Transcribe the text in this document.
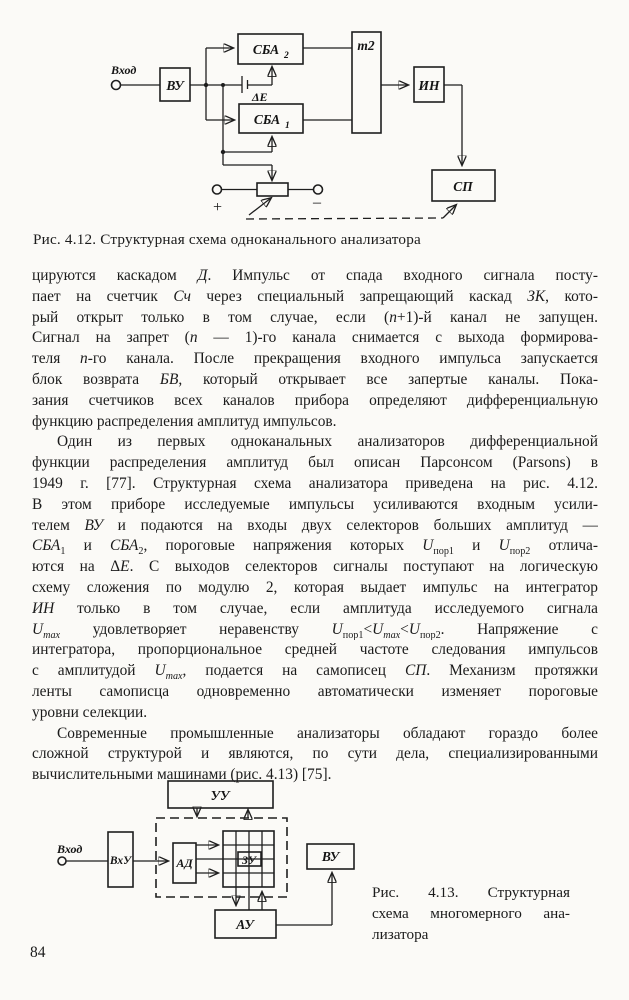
Вход
ВУ
СБА 2
СБА 1
ΔЕ
+	–
m2
ИН
СП
Рис. 4.12. Структурная схема одноканального анализатора
цируются каскадом Д. Импульс от спада входного сигнала посту-
пает на счетчик Сч через специальный запрещающий каскад ЗК, кото-
рый открыт только в том случае, если (n+1)-й канал не запущен.
Сигнал на запрет (n — 1)-го канала снимается с выхода формирова-
теля n-го канала. После прекращения входного импульса запускается
блок возврата БВ, который открывает все запертые каналы. Пока-
зания счетчиков всех каналов прибора определяют дифференциальную
функцию распределения амплитуд импульсов.
Один из первых одноканальных анализаторов дифференциальной
функции распределения амплитуд был описан Парсонсом (Parsons) в
1949 г. [77]. Структурная схема анализатора приведена на рис. 4.12.
В этом приборе исследуемые импульсы усиливаются входным усили-
телем ВУ и подаются на входы двух селекторов больших амплитуд —
$СБА_1$ и $СБА_2$, пороговые напряжения которых $U_{пор1}$ и $U_{пор2}$ отлича-
ются на ΔЕ. С выходов селекторов сигналы поступают на логическую
схему сложения по модулю 2, которая выдает импульс на интегратор
ИН только в том случае, если амплитуда исследуемого сигнала
$U_{max}$ удовлетворяет неравенству $U_{пор1}<U_{max}<U_{пор2}$. Напряжение с
интегратора, пропорциональное средней частоте следования импульсов
с амплитудой $U_{max}$, подается на самописец СП. Механизм протяжки
ленты самописца одновременно автоматически изменяет пороговые
уровни селекции.
Современные промышленные анализаторы обладают гораздо более
сложной структурой и являются, по сути дела, специализированными
вычислительными машинами (рис. 4.13) [75].
УУ
Вход
ВхУ	АД	ЗУ
АУ
ВУ
Рис. 4.13. Структурная
схема многомерного ана-
лизатора
84
